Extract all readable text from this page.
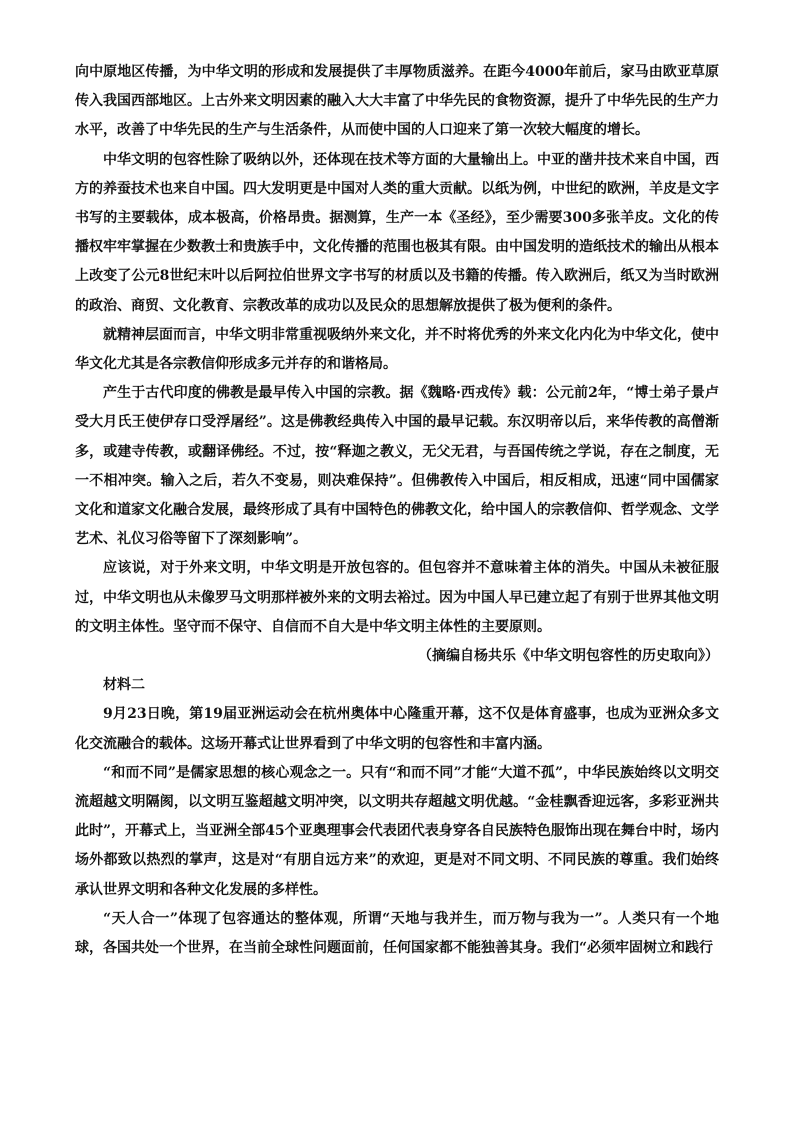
向中原地区传播，为中华文明的形成和发展提供了丰厚物质滋养。在距今4000年前后，家马由欧亚草原传入我国西部地区。上古外来文明因素的融入大大丰富了中华先民的食物资源，提升了中华先民的生产力水平，改善了中华先民的生产与生活条件，从而使中国的人口迎来了第一次较大幅度的增长。

中华文明的包容性除了吸纳以外，还体现在技术等方面的大量输出上。中亚的凿井技术来自中国，西方的养蚕技术也来自中国。四大发明更是中国对人类的重大贡献。以纸为例，中世纪的欧洲，羊皮是文字书写的主要载体，成本极高，价格昂贵。据测算，生产一本《圣经》，至少需要300多张羊皮。文化的传播权牢牢掌握在少数教士和贵族手中，文化传播的范围也极其有限。由中国发明的造纸技术的输出从根本上改变了公元8世纪末叶以后阿拉伯世界文字书写的材质以及书籍的传播。传入欧洲后，纸又为当时欧洲的政治、商贸、文化教育、宗教改革的成功以及民众的思想解放提供了极为便利的条件。

就精神层面而言，中华文明非常重视吸纳外来文化，并不时将优秀的外来文化内化为中华文化，使中华文化尤其是各宗教信仰形成多元并存的和谐格局。

产生于古代印度的佛教是最早传入中国的宗教。据《魏略·西戎传》载：公元前2年，“博士弟子景卢受大月氏王使伊存口受浮屠经”。这是佛教经典传入中国的最早记载。东汉明帝以后，来华传教的高僧渐多，或建寺传教，或翻译佛经。不过，按“释迦之教义，无父无君，与吾国传统之学说，存在之制度，无一不相冲突。输入之后，若久不变易，则决难保持”。但佛教传入中国后，相反相成，迅速“同中国儒家文化和道家文化融合发展，最终形成了具有中国特色的佛教文化，给中国人的宗教信仰、哲学观念、文学艺术、礼仪习俗等留下了深刻影响”。

应该说，对于外来文明，中华文明是开放包容的。但包容并不意味着主体的消失。中国从未被征服过，中华文明也从未像罗马文明那样被外来的文明去裕过。因为中国人早已建立起了有别于世界其他文明的文明主体性。坚守而不保守、自信而不自大是中华文明主体性的主要原则。

（摘编自杨共乐《中华文明包容性的历史取向》）

材料二

9月23日晚，第19届亚洲运动会在杭州奥体中心隆重开幕，这不仅是体育盛事，也成为亚洲众多文化交流融合的载体。这场开幕式让世界看到了中华文明的包容性和丰富内涵。

“和而不同”是儒家思想的核心观念之一。只有“和而不同”才能“大道不孤”，中华民族始终以文明交流超越文明隔阂，以文明互鉴超越文明冲突，以文明共存超越文明优越。“金桂飘香迎远客，多彩亚洲共此时”，开幕式上，当亚洲全部45个亚奥理事会代表团代表身穿各自民族特色服饰出现在舞台中时，场内场外都致以热烈的掌声，这是对“有朋自远方来”的欢迎，更是对不同文明、不同民族的尊重。我们始终承认世界文明和各种文化发展的多样性。

“天人合一”体现了包容通达的整体观，所谓“天地与我并生，而万物与我为一”。人类只有一个地球，各国共处一个世界，在当前全球性问题面前，任何国家都不能独善其身。我们“必须牢固树立和践行
